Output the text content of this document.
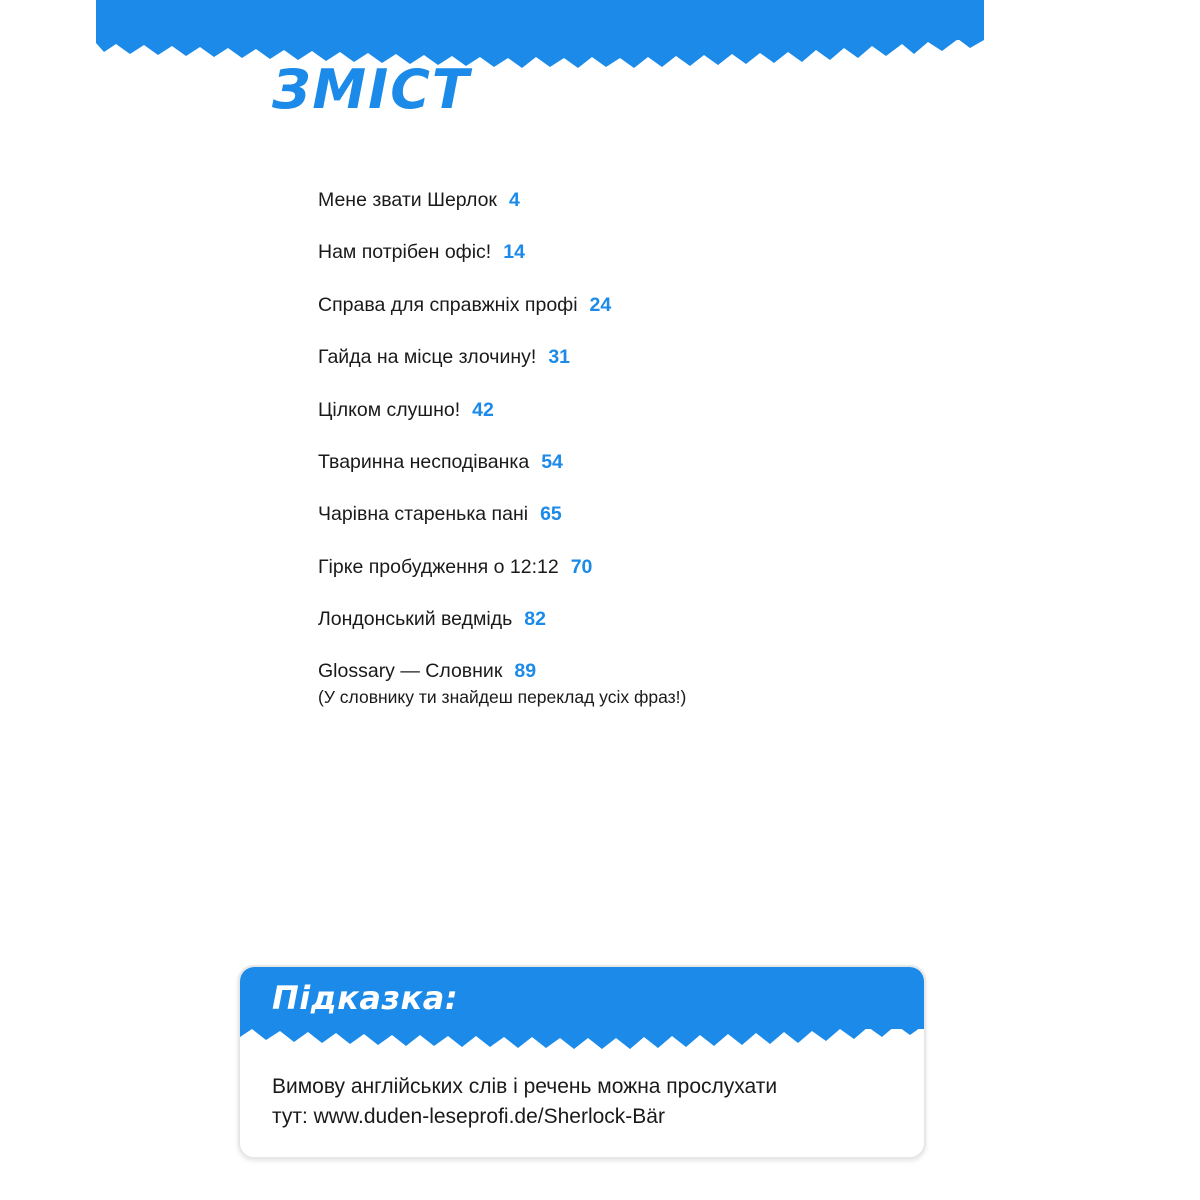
ЗМІСТ
Мене звати Шерлок 4
Нам потрібен офіс! 14
Справа для справжніх профі 24
Гайда на місце злочину! 31
Цілком слушно! 42
Тваринна несподіванка 54
Чарівна старенька пані 65
Гірке пробудження о 12:12 70
Лондонський ведмідь 82
Glossary — Словник 89
(У словнику ти знайдеш переклад усіх фраз!)
Підказка:
Вимову англійських слів і речень можна прослухати
тут: www.duden-leseprofi.de/Sherlock-Bär
